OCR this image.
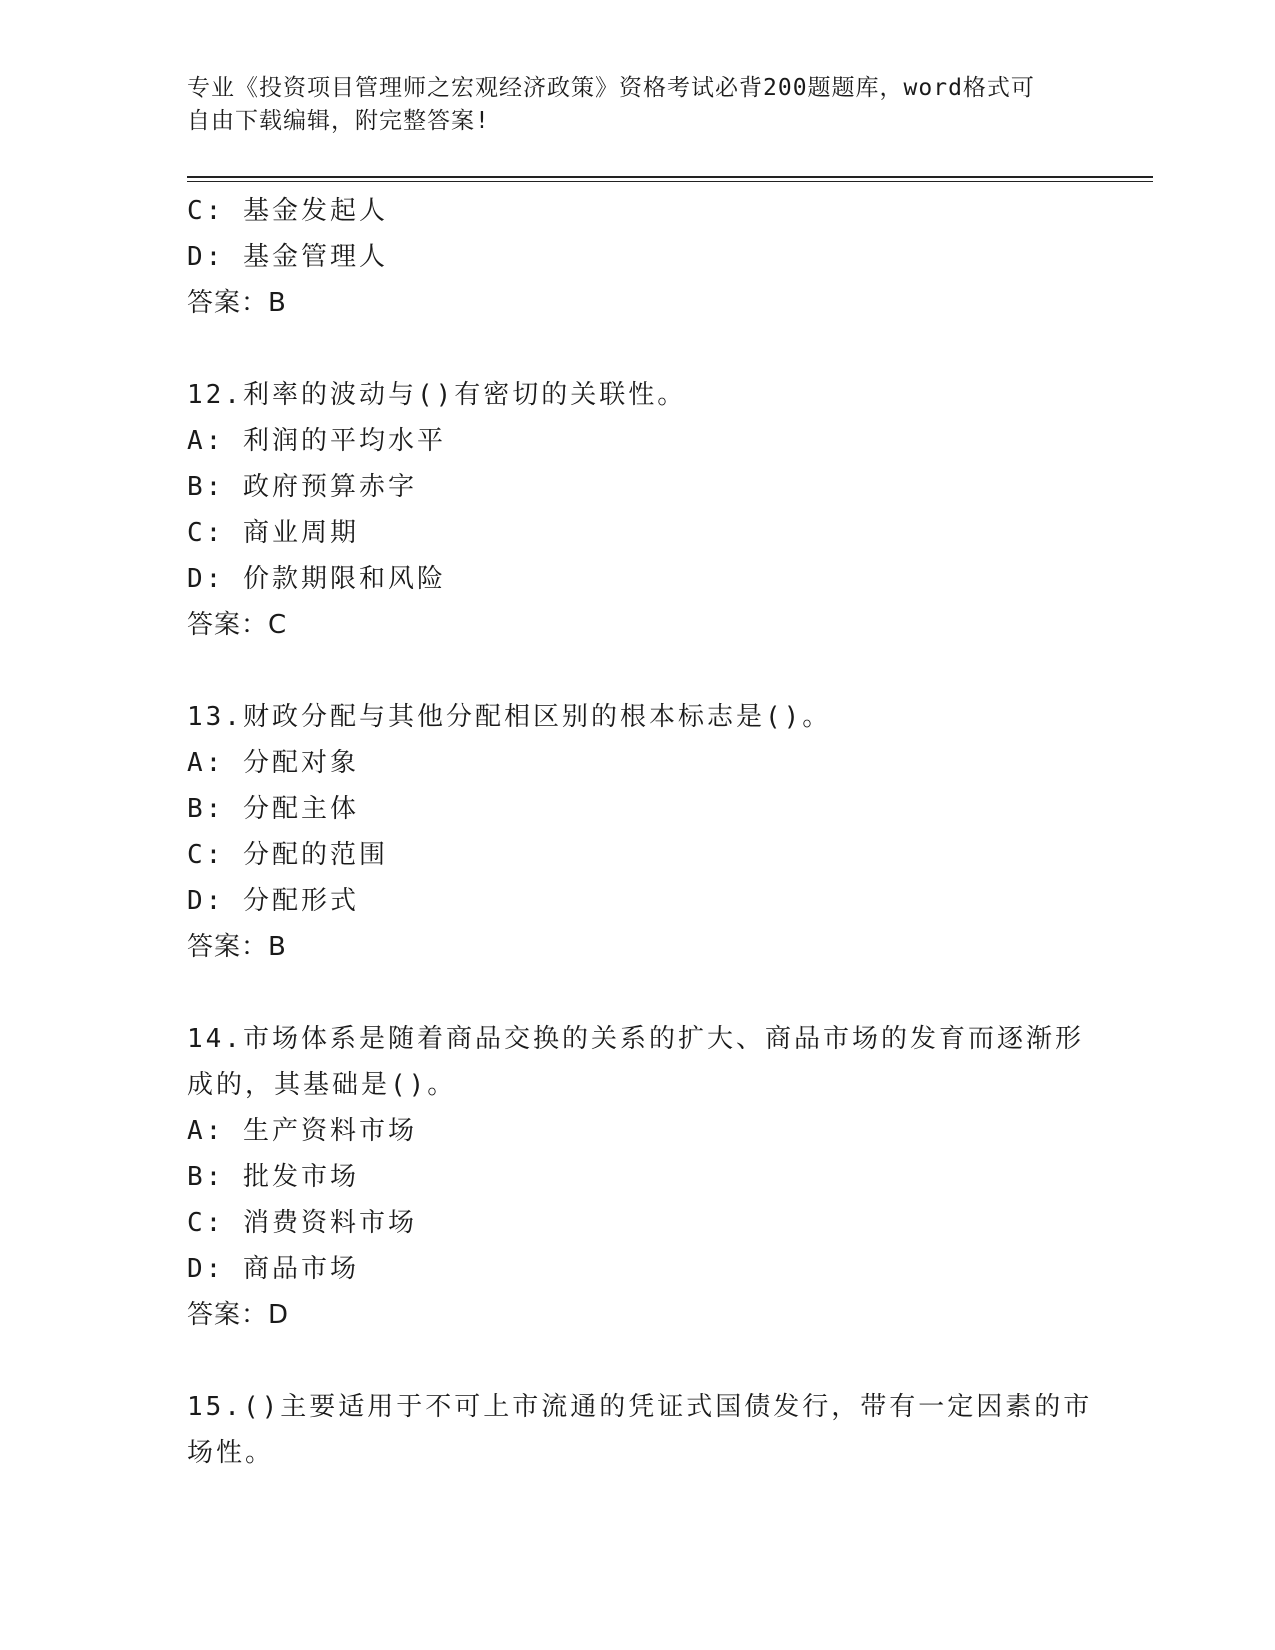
专业《投资项目管理师之宏观经济政策》资格考试必背200题题库，word格式可
自由下载编辑，附完整答案!
C: 基金发起人
D: 基金管理人
答案：B
12.利率的波动与()有密切的关联性。
A: 利润的平均水平
B: 政府预算赤字
C: 商业周期
D: 价款期限和风险
答案：C
13.财政分配与其他分配相区别的根本标志是()。
A: 分配对象
B: 分配主体
C: 分配的范围
D: 分配形式
答案：B
14.市场体系是随着商品交换的关系的扩大、商品市场的发育而逐渐形
成的，其基础是()。
A: 生产资料市场
B: 批发市场
C: 消费资料市场
D: 商品市场
答案：D
15.()主要适用于不可上市流通的凭证式国债发行，带有一定因素的市
场性。
